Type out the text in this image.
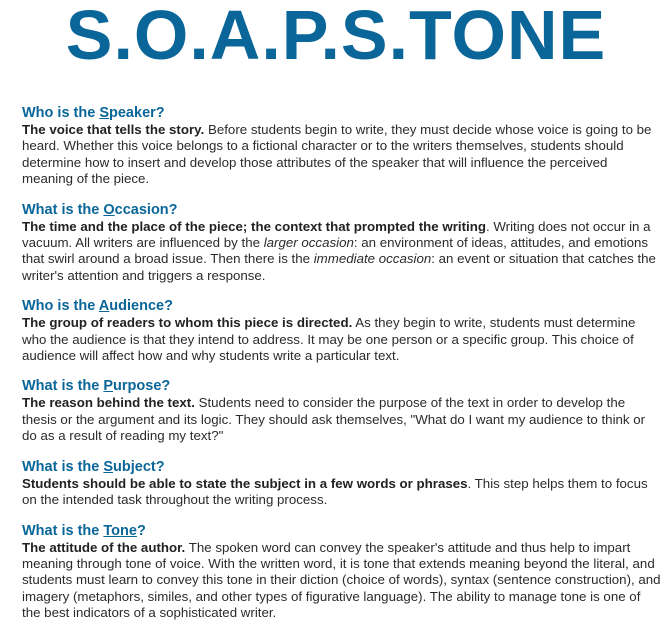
S.O.A.P.S.TONE

Who is the Speaker?

The voice that tells the story. Before students begin to write, they must decide whose voice is going to be heard. Whether this voice belongs to a fictional character or to the writers themselves, students should determine how to insert and develop those attributes of the speaker that will influence the perceived meaning of the piece.

What is the Occasion?

The time and the place of the piece; the context that prompted the writing. Writing does not occur in a vacuum. All writers are influenced by the larger occasion: an environment of ideas, attitudes, and emotions that swirl around a broad issue. Then there is the immediate occasion: an event or situation that catches the writer's attention and triggers a response.

Who is the Audience?

The group of readers to whom this piece is directed. As they begin to write, students must determine who the audience is that they intend to address. It may be one person or a specific group. This choice of audience will affect how and why students write a particular text.

What is the Purpose?

The reason behind the text. Students need to consider the purpose of the text in order to develop the thesis or the argument and its logic. They should ask themselves, "What do I want my audience to think or do as a result of reading my text?"

What is the Subject?

Students should be able to state the subject in a few words or phrases. This step helps them to focus on the intended task throughout the writing process.

What is the Tone?

The attitude of the author. The spoken word can convey the speaker's attitude and thus help to impart meaning through tone of voice. With the written word, it is tone that extends meaning beyond the literal, and students must learn to convey this tone in their diction (choice of words), syntax (sentence construction), and imagery (metaphors, similes, and other types of figurative language). The ability to manage tone is one of the best indicators of a sophisticated writer.
